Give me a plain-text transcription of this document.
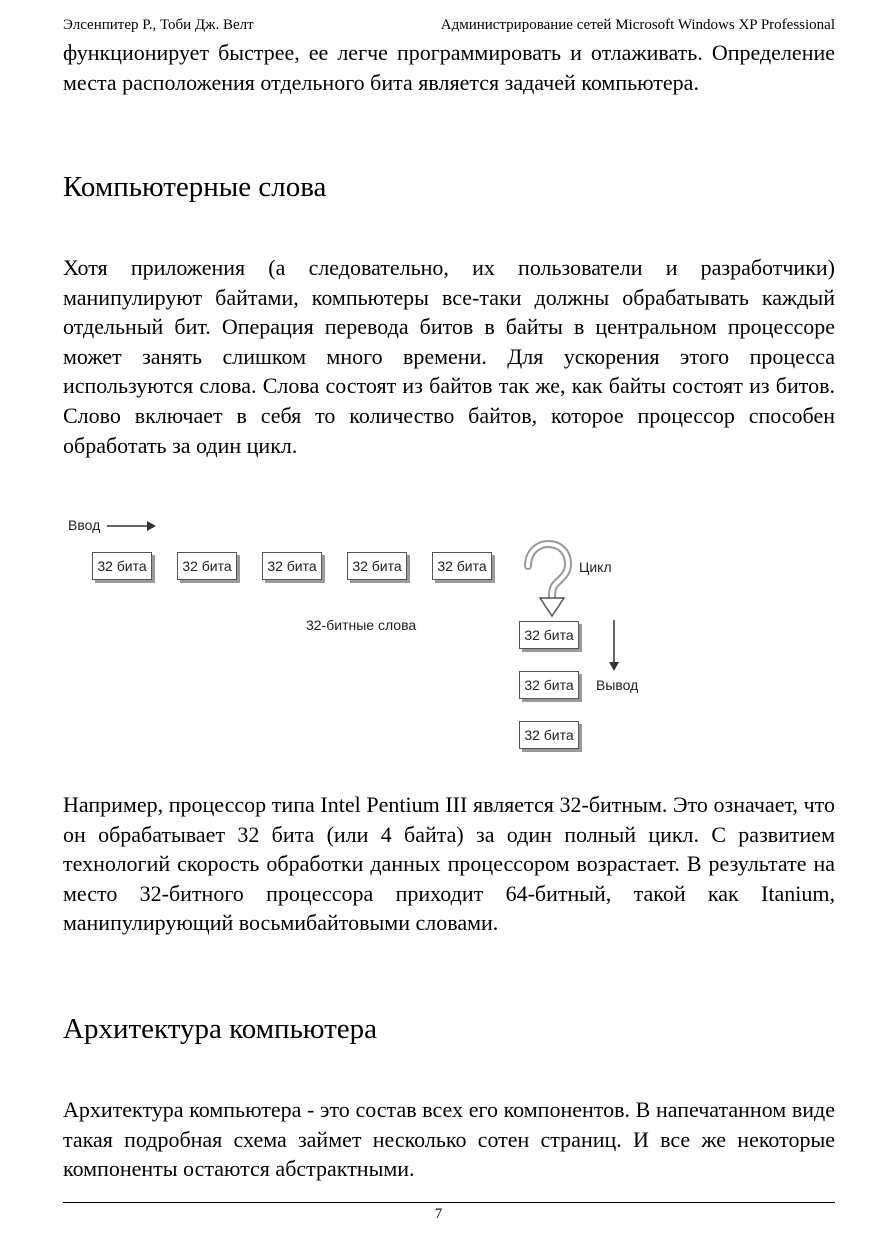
Элсенпитер Р., Тоби Дж. Велт	Администрирование сетей Microsoft Windows XP Professional
функционирует быстрее, ее легче программировать и отлаживать. Определение места расположения отдельного бита является задачей компьютера.
Компьютерные слова
Хотя приложения (а следовательно, их пользователи и разработчики) манипулируют байтами, компьютеры все-таки должны обрабатывать каждый отдельный бит. Операция перевода битов в байты в центральном процессоре может занять слишком много времени. Для ускорения этого процесса используются слова. Слова состоят из байтов так же, как байты состоят из битов. Слово включает в себя то количество байтов, которое процессор способен обработать за один цикл.
Ввод
32 бита	32 бита	32 бита	32 бита	32 бита	Цикл
32-битные слова
32 бита
32 бита
32 бита
Вывод
Например, процессор типа Intel Pentium III является 32-битным. Это означает, что он обрабатывает 32 бита (или 4 байта) за один полный цикл. С развитием технологий скорость обработки данных процессором возрастает. В результате на место 32-битного процессора приходит 64-битный, такой как Itanium, манипулирующий восьмибайтовыми словами.
Архитектура компьютера
Архитектура компьютера - это состав всех его компонентов. В напечатанном виде такая подробная схема займет несколько сотен страниц. И все же некоторые компоненты остаются абстрактными.
7
